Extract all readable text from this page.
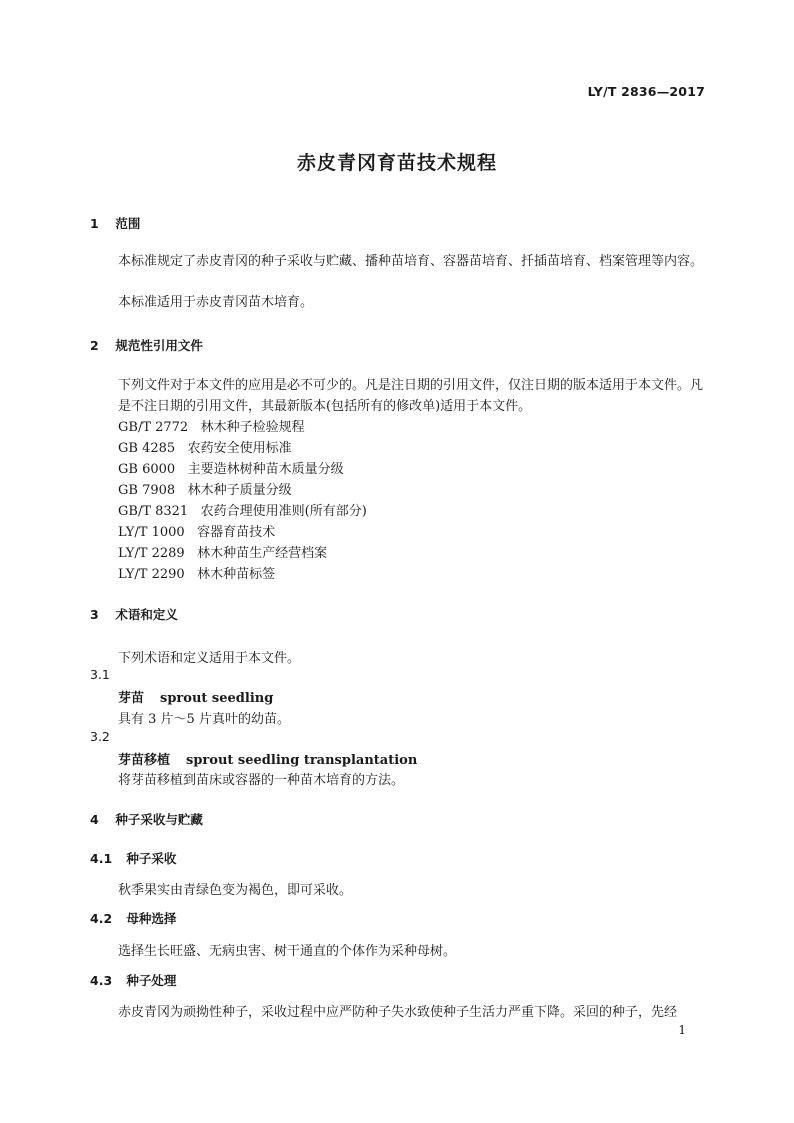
LY/T 2836—2017
赤皮青冈育苗技术规程
1 范围
本标准规定了赤皮青冈的种子采收与贮藏、播种苗培育、容器苗培育、扦插苗培育、档案管理等内容。
本标准适用于赤皮青冈苗木培育。
2 规范性引用文件
下列文件对于本文件的应用是必不可少的。凡是注日期的引用文件，仅注日期的版本适用于本文件。凡是不注日期的引用文件，其最新版本(包括所有的修改单)适用于本文件。
GB/T 2772 林木种子检验规程
GB 4285 农药安全使用标准
GB 6000 主要造林树种苗木质量分级
GB 7908 林木种子质量分级
GB/T 8321 农药合理使用准则(所有部分)
LY/T 1000 容器育苗技术
LY/T 2289 林木种苗生产经营档案
LY/T 2290 林木种苗标签
3 术语和定义
下列术语和定义适用于本文件。
3.1
芽苗 sprout seedling
具有 3 片～5 片真叶的幼苗。
3.2
芽苗移植 sprout seedling transplantation
将芽苗移植到苗床或容器的一种苗木培育的方法。
4 种子采收与贮藏
4.1 种子采收
秋季果实由青绿色变为褐色，即可采收。
4.2 母种选择
选择生长旺盛、无病虫害、树干通直的个体作为采种母树。
4.3 种子处理
赤皮青冈为顽拗性种子，采收过程中应严防种子失水致使种子生活力严重下降。采回的种子，先经
1
